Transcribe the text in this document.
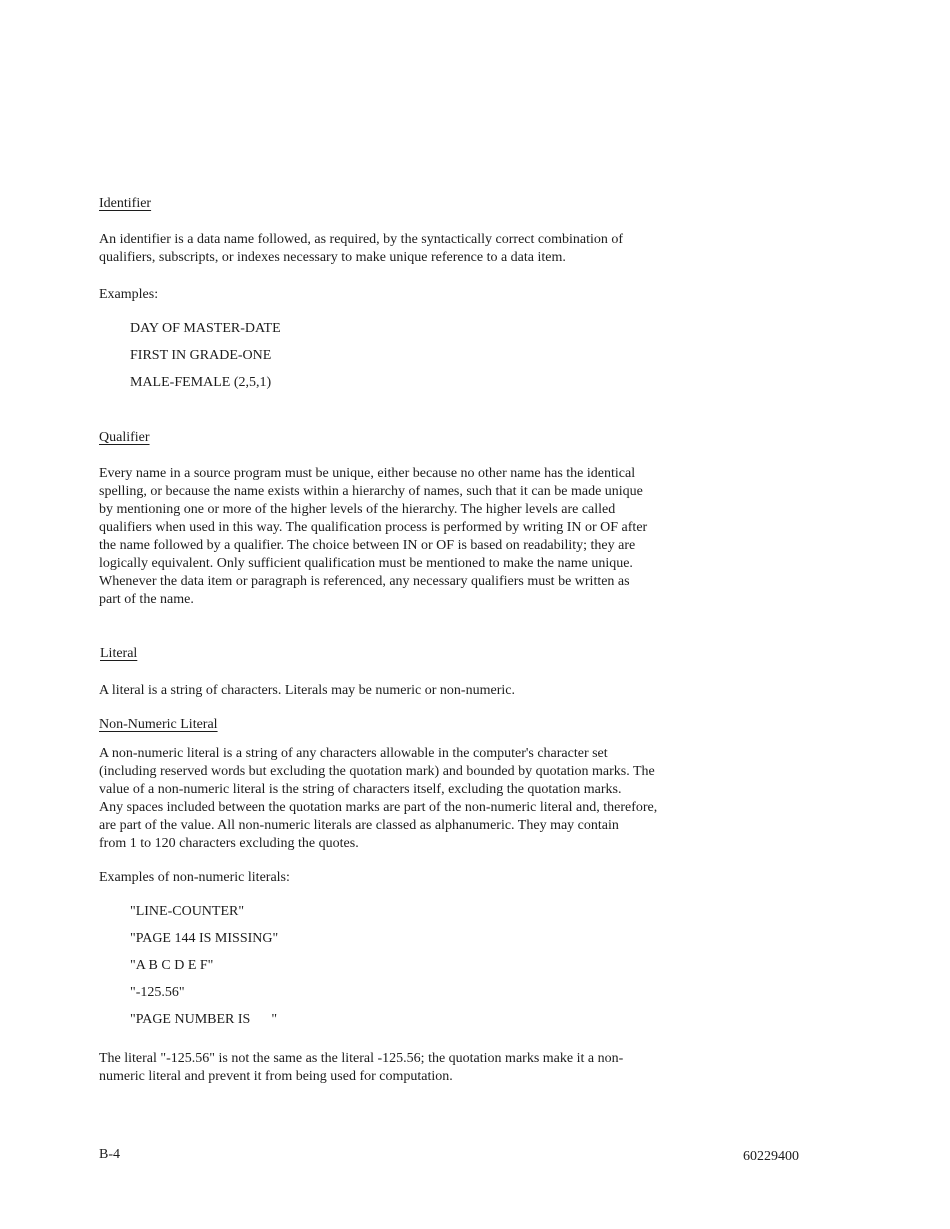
Identifier
An identifier is a data name followed, as required, by the syntactically correct combination of
qualifiers, subscripts, or indexes necessary to make unique reference to a data item.
Examples:
DAY OF MASTER-DATE
FIRST IN GRADE-ONE
MALE-FEMALE (2,5,1)
Qualifier
Every name in a source program must be unique, either because no other name has the identical
spelling, or because the name exists within a hierarchy of names, such that it can be made unique
by mentioning one or more of the higher levels of the hierarchy. The higher levels are called
qualifiers when used in this way. The qualification process is performed by writing IN or OF after
the name followed by a qualifier. The choice between IN or OF is based on readability; they are
logically equivalent. Only sufficient qualification must be mentioned to make the name unique.
Whenever the data item or paragraph is referenced, any necessary qualifiers must be written as
part of the name.
Literal
A literal is a string of characters. Literals may be numeric or non-numeric.
Non-Numeric Literal
A non-numeric literal is a string of any characters allowable in the computer's character set
(including reserved words but excluding the quotation mark) and bounded by quotation marks. The
value of a non-numeric literal is the string of characters itself, excluding the quotation marks.
Any spaces included between the quotation marks are part of the non-numeric literal and, therefore,
are part of the value. All non-numeric literals are classed as alphanumeric. They may contain
from 1 to 120 characters excluding the quotes.
Examples of non-numeric literals:
"LINE-COUNTER"
"PAGE 144 IS MISSING"
"A B C D E F"
"-125.56"
"PAGE NUMBER IS      "
The literal "-125.56" is not the same as the literal -125.56; the quotation marks make it a non-
numeric literal and prevent it from being used for computation.
B-4	60229400
